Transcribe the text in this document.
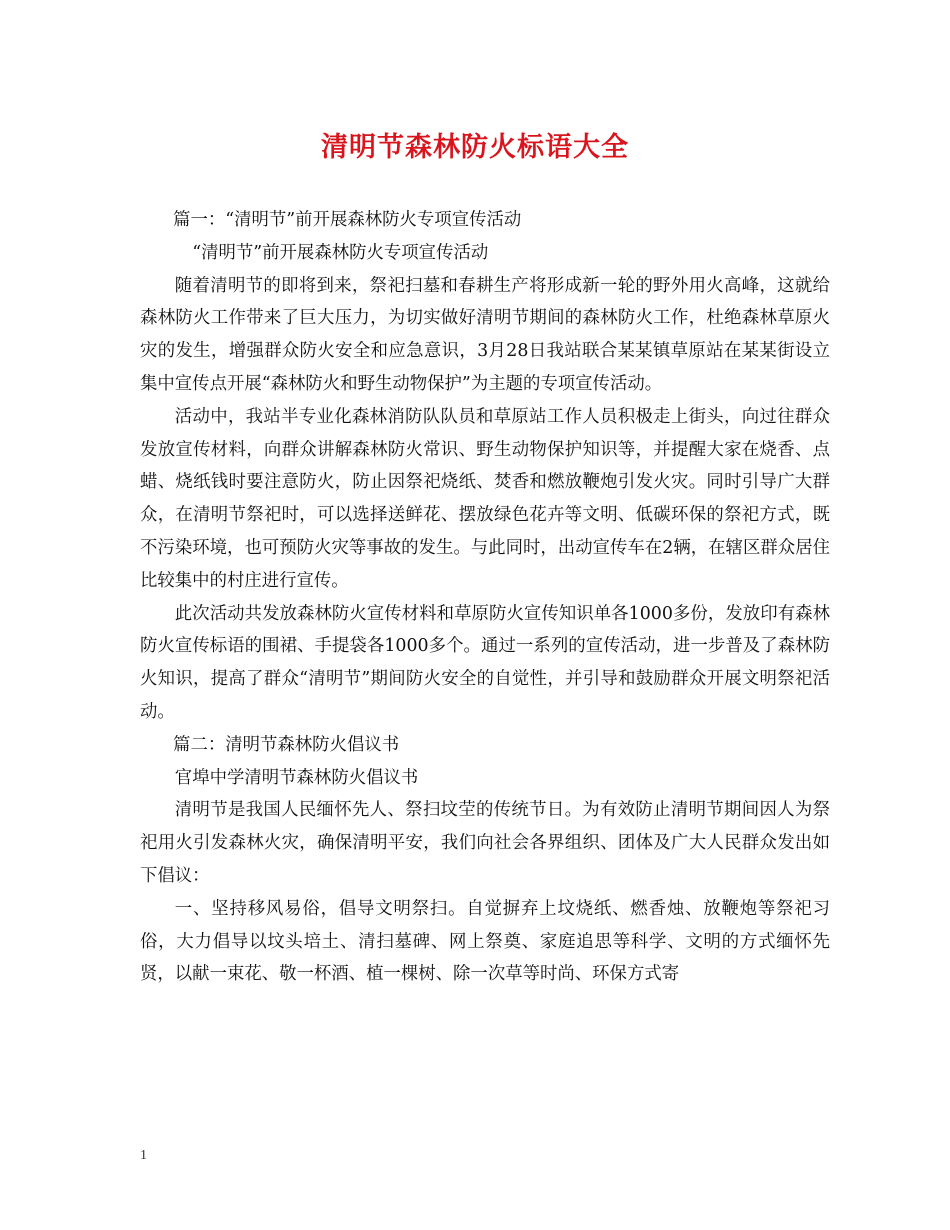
清明节森林防火标语大全

篇一：“清明节”前开展森林防火专项宣传活动

“清明节”前开展森林防火专项宣传活动

随着清明节的即将到来，祭祀扫墓和春耕生产将形成新一轮的野外用火高峰，这就给森林防火工作带来了巨大压力，为切实做好清明节期间的森林防火工作，杜绝森林草原火灾的发生，增强群众防火安全和应急意识，3月28日我站联合某某镇草原站在某某街设立集中宣传点开展“森林防火和野生动物保护”为主题的专项宣传活动。

活动中，我站半专业化森林消防队队员和草原站工作人员积极走上街头，向过往群众发放宣传材料，向群众讲解森林防火常识、野生动物保护知识等，并提醒大家在烧香、点蜡、烧纸钱时要注意防火，防止因祭祀烧纸、焚香和燃放鞭炮引发火灾。同时引导广大群众，在清明节祭祀时，可以选择送鲜花、摆放绿色花卉等文明、低碳环保的祭祀方式，既不污染环境，也可预防火灾等事故的发生。与此同时，出动宣传车在2辆，在辖区群众居住比较集中的村庄进行宣传。

此次活动共发放森林防火宣传材料和草原防火宣传知识单各1000多份，发放印有森林防火宣传标语的围裙、手提袋各1000多个。通过一系列的宣传活动，进一步普及了森林防火知识，提高了群众“清明节”期间防火安全的自觉性，并引导和鼓励群众开展文明祭祀活动。

篇二：清明节森林防火倡议书

官埠中学清明节森林防火倡议书

清明节是我国人民缅怀先人、祭扫坟茔的传统节日。为有效防止清明节期间因人为祭祀用火引发森林火灾，确保清明平安，我们向社会各界组织、团体及广大人民群众发出如下倡议：

一、坚持移风易俗，倡导文明祭扫。自觉摒弃上坟烧纸、燃香烛、放鞭炮等祭祀习俗，大力倡导以坟头培土、清扫墓碑、网上祭奠、家庭追思等科学、文明的方式缅怀先贤，以献一束花、敬一杯酒、植一棵树、除一次草等时尚、环保方式寄

1
